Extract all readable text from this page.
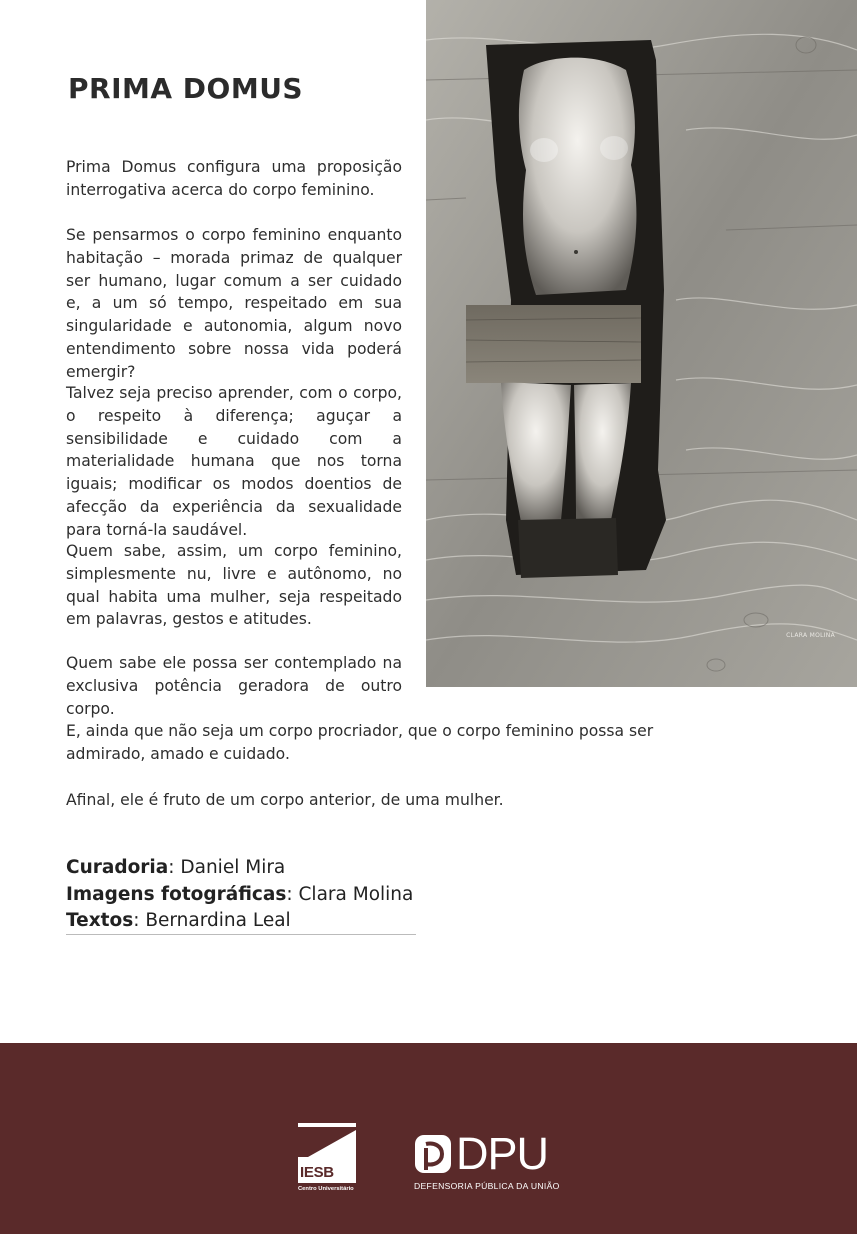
PRIMA DOMUS

Prima Domus configura uma proposição interrogativa acerca do corpo feminino.

Se pensarmos o corpo feminino enquanto habitação – morada primaz de qualquer ser humano, lugar comum a ser cuidado e, a um só tempo, respeitado em sua singularidade e autonomia, algum novo entendimento sobre nossa vida poderá emergir?

Talvez seja preciso aprender, com o corpo, o respeito à diferença; aguçar a sensibilidade e cuidado com a materialidade humana que nos torna iguais; modificar os modos doentios de afecção da experiência da sexualidade para torná-la saudável.

Quem sabe, assim, um corpo feminino, simplesmente nu, livre e autônomo, no qual habita uma mulher, seja respeitado em palavras, gestos e atitudes.

Quem sabe ele possa ser contemplado na exclusiva potência geradora de outro corpo.

E, ainda que não seja um corpo procriador, que o corpo feminino possa ser admirado, amado e cuidado.

Afinal, ele é fruto de um corpo anterior, de uma mulher.

Curadoria: Daniel Mira
Imagens fotográficas: Clara Molina
Textos: Bernardina Leal
CLARA MOLINA
IESB
Centro Universitário
DPU
DEFENSORIA PÚBLICA DA UNIÃO
